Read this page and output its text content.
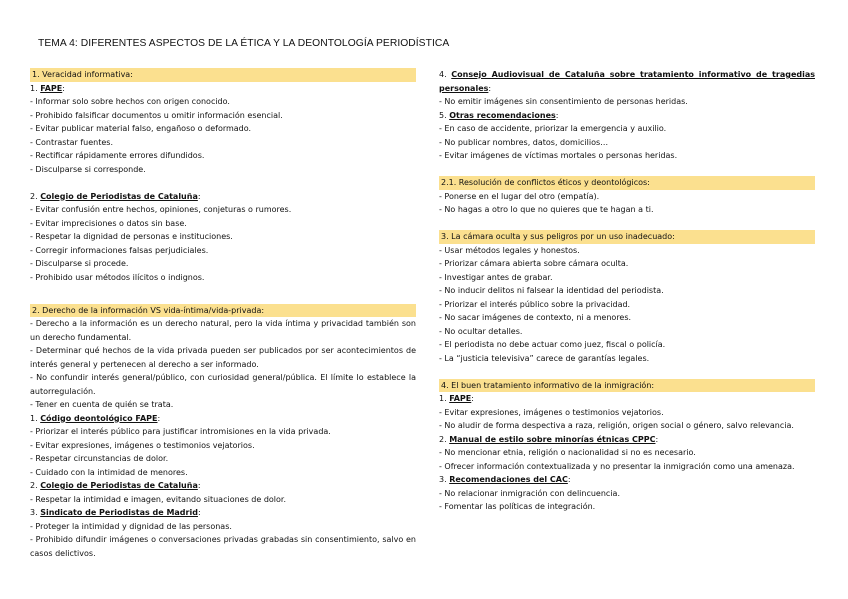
TEMA 4: DIFERENTES ASPECTOS DE LA ÉTICA Y LA DEONTOLOGÍA PERIODÍSTICA
1. Veracidad informativa:
1. FAPE:
- Informar solo sobre hechos con origen conocido.
- Prohibido falsificar documentos u omitir información esencial.
- Evitar publicar material falso, engañoso o deformado.
- Contrastar fuentes.
- Rectificar rápidamente errores difundidos.
- Disculparse si corresponde.
2. Colegio de Periodistas de Cataluña:
- Evitar confusión entre hechos, opiniones, conjeturas o rumores.
- Evitar imprecisiones o datos sin base.
- Respetar la dignidad de personas e instituciones.
- Corregir informaciones falsas perjudiciales.
- Disculparse si procede.
- Prohibido usar métodos ilícitos o indignos.
2. Derecho de la información VS vida-íntima/vida-privada:
- Derecho a la información es un derecho natural, pero la vida íntima y privacidad también son un derecho fundamental.
- Determinar qué hechos de la vida privada pueden ser publicados por ser acontecimientos de interés general y pertenecen al derecho a ser informado.
- No confundir interés general/público, con curiosidad general/pública. El límite lo establece la autorregulación.
- Tener en cuenta de quién se trata.
1. Código deontológico FAPE:
- Priorizar el interés público para justificar intromisiones en la vida privada.
- Evitar expresiones, imágenes o testimonios vejatorios.
- Respetar circunstancias de dolor.
- Cuidado con la intimidad de menores.
2. Colegio de Periodistas de Cataluña:
- Respetar la intimidad e imagen, evitando situaciones de dolor.
3. Sindicato de Periodistas de Madrid:
- Proteger la intimidad y dignidad de las personas.
- Prohibido difundir imágenes o conversaciones privadas grabadas sin consentimiento, salvo en casos delictivos.
4. Consejo Audiovisual de Cataluña sobre tratamiento informativo de tragedias personales:
- No emitir imágenes sin consentimiento de personas heridas.
5. Otras recomendaciones:
- En caso de accidente, priorizar la emergencia y auxilio.
- No publicar nombres, datos, domicilios…
- Evitar imágenes de víctimas mortales o personas heridas.
2.1. Resolución de conflictos éticos y deontológicos:
- Ponerse en el lugar del otro (empatía).
- No hagas a otro lo que no quieres que te hagan a ti.
3. La cámara oculta y sus peligros por un uso inadecuado:
- Usar métodos legales y honestos.
- Priorizar cámara abierta sobre cámara oculta.
- Investigar antes de grabar.
- No inducir delitos ni falsear la identidad del periodista.
- Priorizar el interés público sobre la privacidad.
- No sacar imágenes de contexto, ni a menores.
- No ocultar detalles.
- El periodista no debe actuar como juez, fiscal o policía.
- La “justicia televisiva” carece de garantías legales.
4. El buen tratamiento informativo de la inmigración:
1. FAPE:
- Evitar expresiones, imágenes o testimonios vejatorios.
- No aludir de forma despectiva a raza, religión, origen social o género, salvo relevancia.
2. Manual de estilo sobre minorías étnicas CPPC:
- No mencionar etnia, religión o nacionalidad si no es necesario.
- Ofrecer información contextualizada y no presentar la inmigración como una amenaza.
3. Recomendaciones del CAC:
- No relacionar inmigración con delincuencia.
- Fomentar las políticas de integración.
